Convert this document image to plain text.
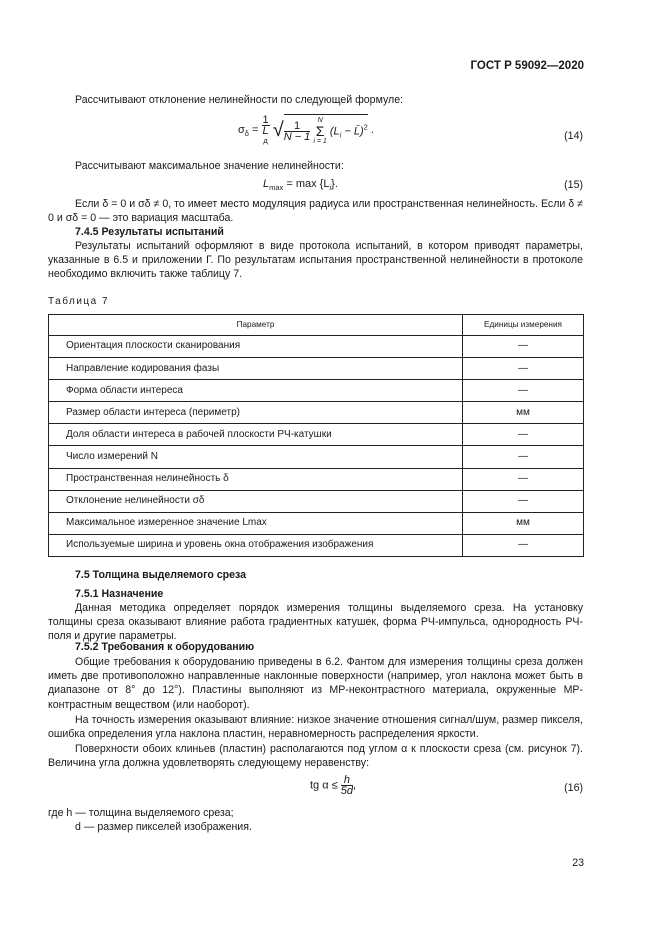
ГОСТ Р 59092—2020
Рассчитывают отклонение нелинейности по следующей формуле:
$\sigma_\delta = 1$
L
д √ $\frac{1}{N - 1}$

N
Σ
i = 1
($L_i$ − L̄)$^2$ .
(14)
Рассчитывают максимальное значение нелинейности:
$L_{max} = \max \{L_i\}$.	(15)
Если δ = 0 и σδ ≠ 0, то имеет место модуляция радиуса или пространственная нелинейность. Если δ ≠ 0 и σδ = 0 — это вариация масштаба.
7.4.5 Результаты испытаний
Результаты испытаний оформляют в виде протокола испытаний, в котором приводят параметры, указанные в 6.5 и приложении Г. По результатам испытания пространственной нелинейности в протоколе необходимо включить также таблицу 7.
Таблица 7
Параметр	Единицы измерения
Ориентация плоскости сканирования	—
Направление кодирования фазы	—
Форма области интереса	—
Размер области интереса (периметр)	мм
Доля области интереса в рабочей плоскости РЧ-катушки	—
Число измерений N	—
Пространственная нелинейность δ	—
Отклонение нелинейности σδ	—
Максимальное измеренное значение Lmax	мм
Используемые ширина и уровень окна отображения изображения	—
7.5 Толщина выделяемого среза
7.5.1 Назначение
Данная методика определяет порядок измерения толщины выделяемого среза. На установку толщины среза оказывают влияние работа градиентных катушек, форма РЧ-импульса, однородность РЧ-поля и другие параметры.
7.5.2 Требования к оборудованию
Общие требования к оборудованию приведены в 6.2. Фантом для измерения толщины среза должен иметь две противоположно направленные наклонные поверхности (например, угол наклона может быть в диапазоне от 8° до 12°). Пластины выполняют из МР-неконтрастного материала, окруженные МР-контрастным веществом (или наоборот).
На точность измерения оказывают влияние: низкое значение отношения сигнал/шум, размер пикселя, ошибка определения угла наклона пластин, неравномерность распределения яркости.
Поверхности обоих клиньев (пластин) располагаются под углом α к плоскости среза (см. рисунок 7). Величина угла должна удовлетворять следующему неравенству:
tg $\alpha \le \frac{h}{5d}$ ,	(16)
где h — толщина выделяемого среза;
d — размер пикселей изображения.
23
